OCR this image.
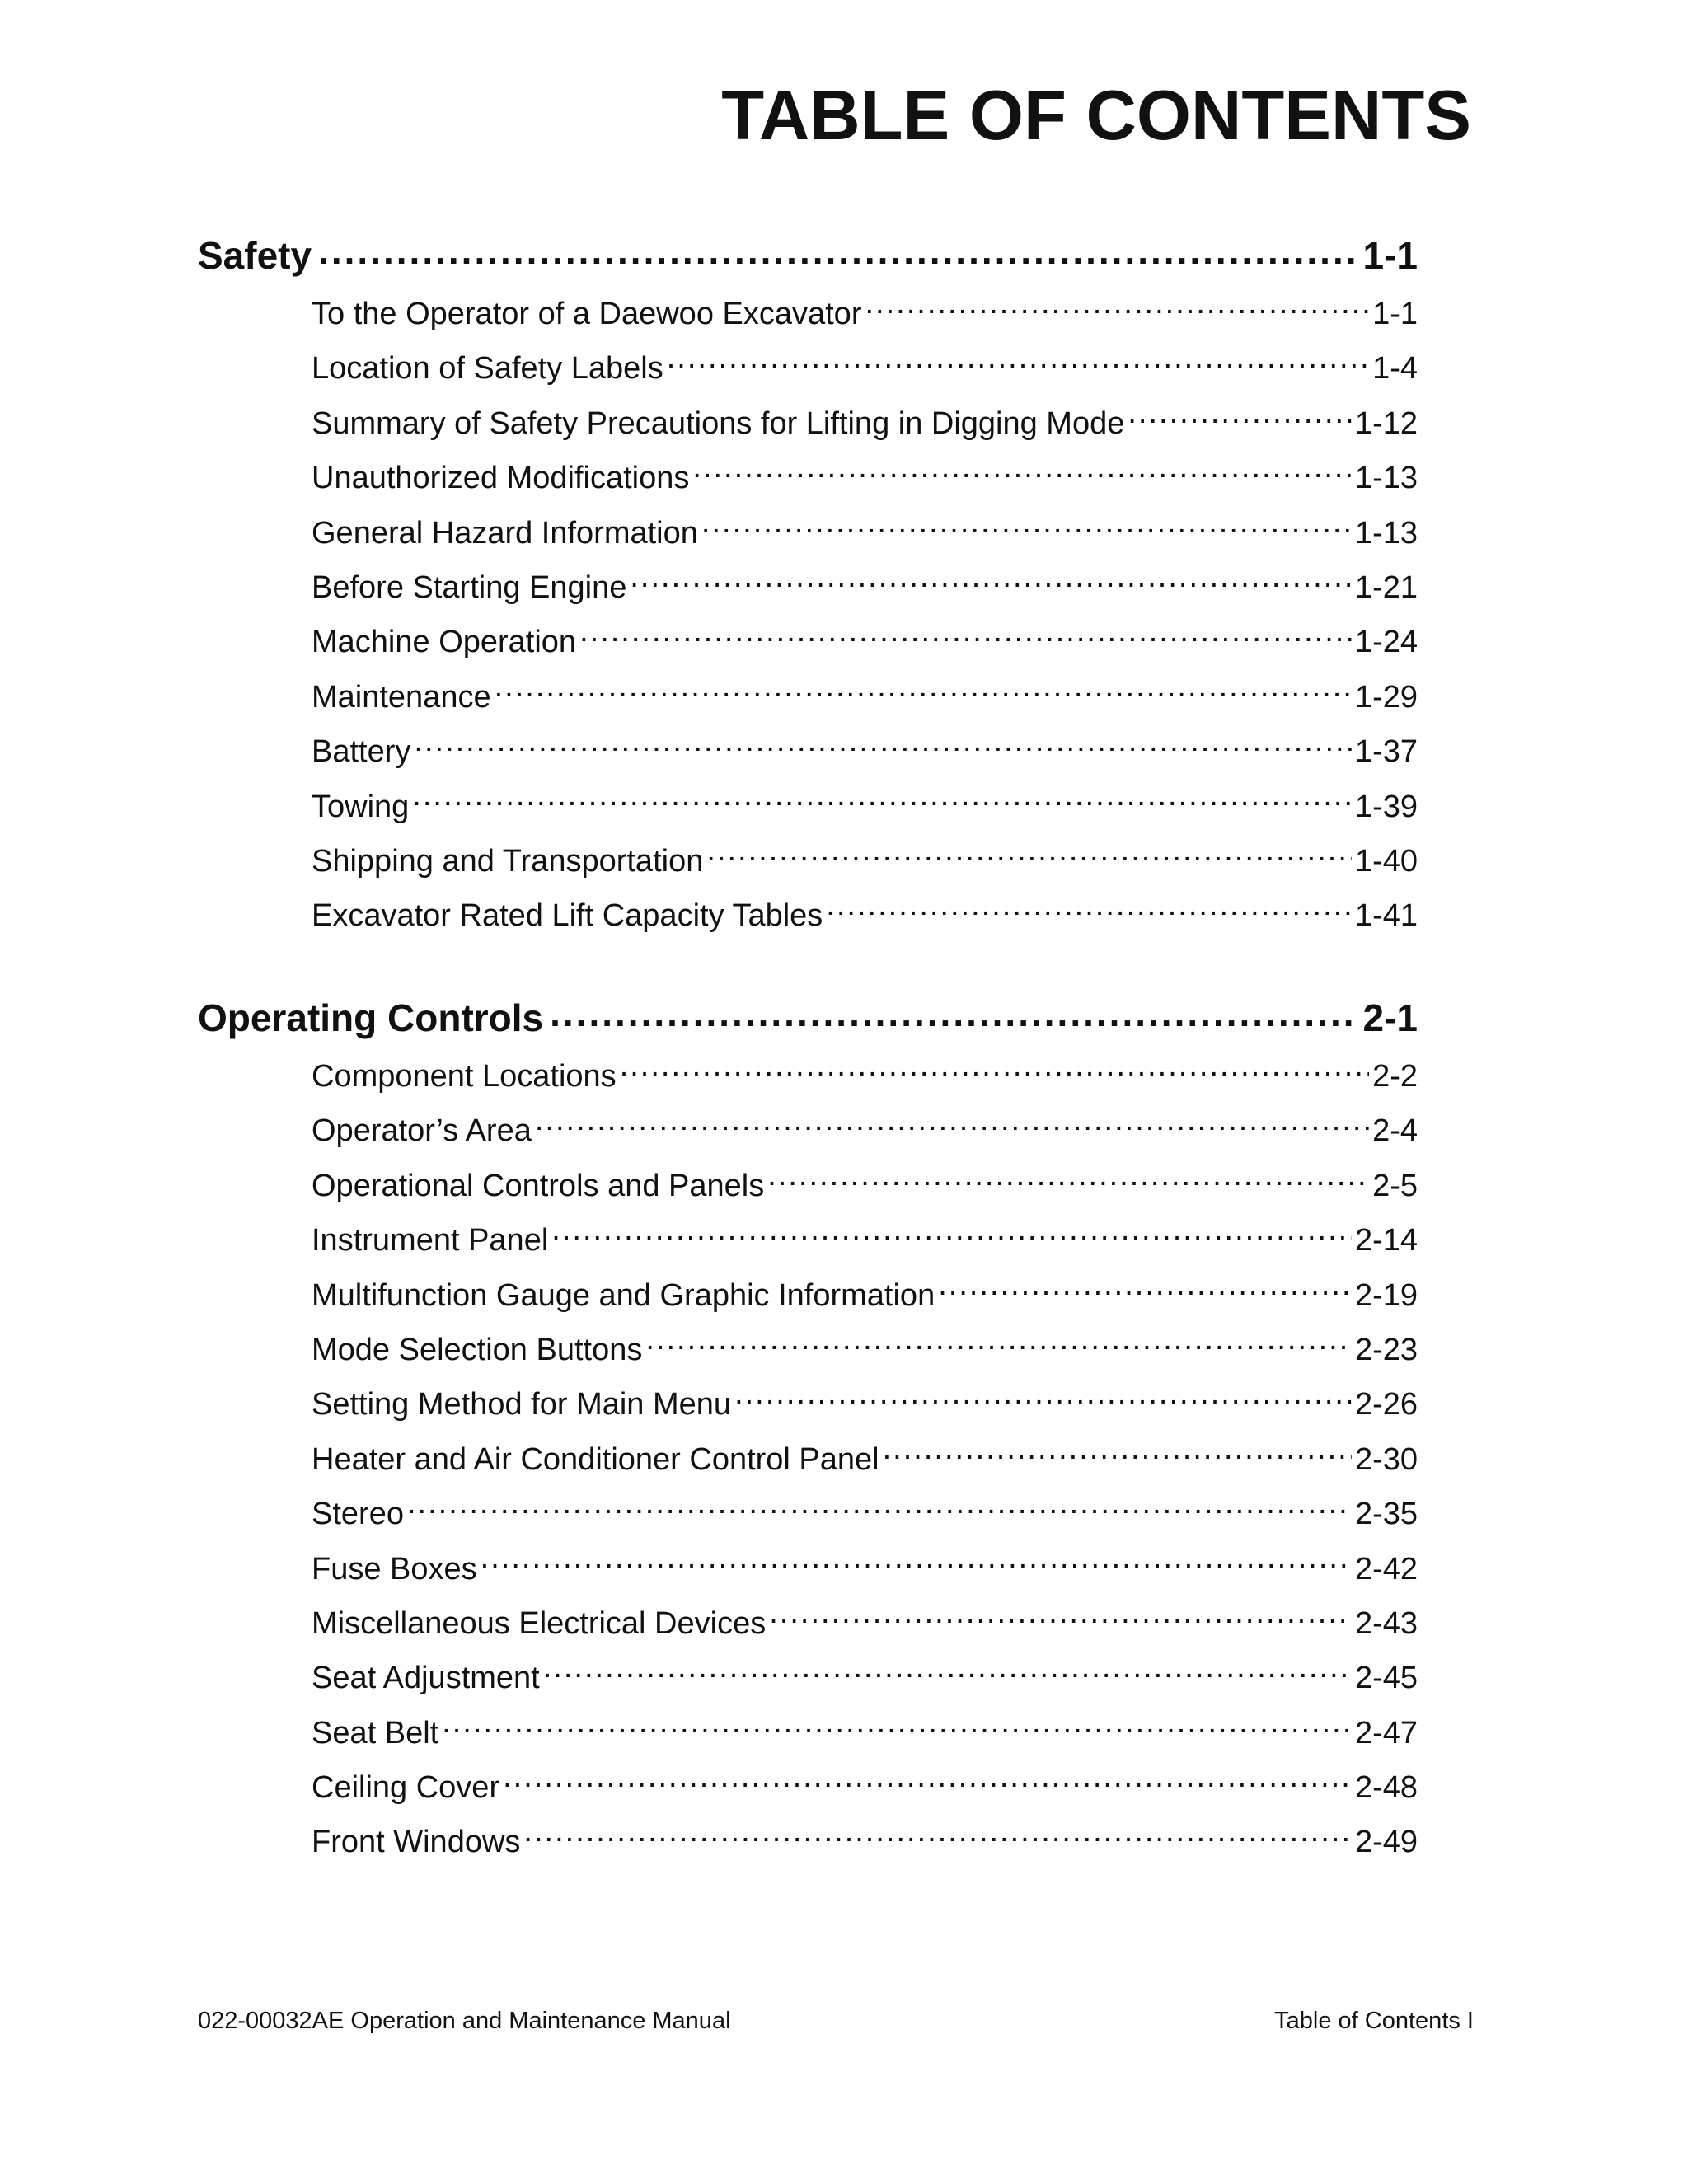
TABLE OF CONTENTS
Safety .....	1-1
To the Operator of a Daewoo Excavator .....	1-1
Location of Safety Labels .....	1-4
Summary of Safety Precautions for Lifting in Digging Mode .....	1-12
Unauthorized Modifications .....	1-13
General Hazard Information .....	1-13
Before Starting Engine .....	1-21
Machine Operation .....	1-24
Maintenance .....	1-29
Battery .....	1-37
Towing .....	1-39
Shipping and Transportation .....	1-40
Excavator Rated Lift Capacity Tables .....	1-41
Operating Controls .....	2-1
Component Locations .....	2-2
Operator’s Area .....	2-4
Operational Controls and Panels .....	2-5
Instrument Panel .....	2-14
Multifunction Gauge and Graphic Information .....	2-19
Mode Selection Buttons .....	2-23
Setting Method for Main Menu .....	2-26
Heater and Air Conditioner Control Panel .....	2-30
Stereo .....	2-35
Fuse Boxes .....	2-42
Miscellaneous Electrical Devices .....	2-43
Seat Adjustment .....	2-45
Seat Belt .....	2-47
Ceiling Cover .....	2-48
Front Windows .....	2-49
022-00032AE Operation and Maintenance Manual	Table of Contents I
